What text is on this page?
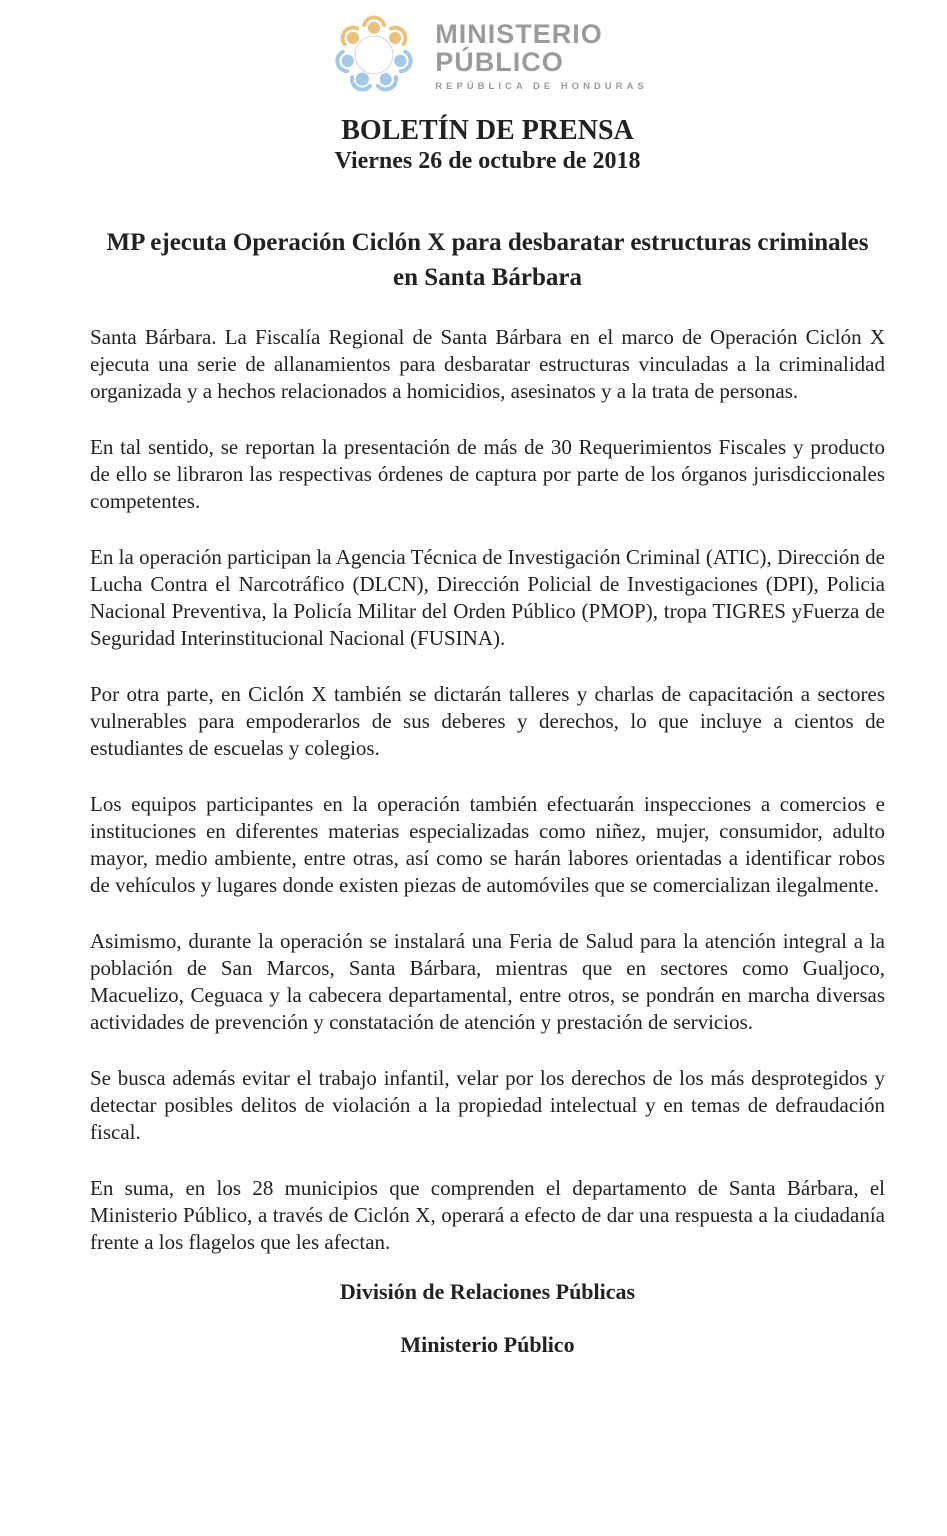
MINISTERIO
PÚBLICO
REPÚBLICA DE HONDURAS
BOLETÍN DE PRENSA
Viernes 26 de octubre de 2018
MP ejecuta Operación Ciclón X para desbaratar estructuras criminales en Santa Bárbara

Santa Bárbara. La Fiscalía Regional de Santa Bárbara en el marco de Operación Ciclón X ejecuta una serie de allanamientos para desbaratar estructuras vinculadas a la criminalidad organizada y a hechos relacionados a homicidios, asesinatos y a la trata de personas.

En tal sentido, se reportan la presentación de más de 30 Requerimientos Fiscales y producto de ello se libraron las respectivas órdenes de captura por parte de los órganos jurisdiccionales competentes.

En la operación participan la Agencia Técnica de Investigación Criminal (ATIC), Dirección de Lucha Contra el Narcotráfico (DLCN), Dirección Policial de Investigaciones (DPI), Policia Nacional Preventiva, la Policía Militar del Orden Público (PMOP), tropa TIGRES yFuerza de Seguridad Interinstitucional Nacional (FUSINA).

Por otra parte, en Ciclón X también se dictarán talleres y charlas de capacitación a sectores vulnerables para empoderarlos de sus deberes y derechos, lo que incluye a cientos de estudiantes de escuelas y colegios.

Los equipos participantes en la operación también efectuarán inspecciones a comercios e instituciones en diferentes materias especializadas como niñez, mujer, consumidor, adulto mayor, medio ambiente, entre otras, así como se harán labores orientadas a identificar robos de vehículos y lugares donde existen piezas de automóviles que se comercializan ilegalmente.

Asimismo, durante la operación se instalará una Feria de Salud para la atención integral a la población de San Marcos, Santa Bárbara, mientras que en sectores como Gualjoco, Macuelizo, Ceguaca y la cabecera departamental, entre otros, se pondrán en marcha diversas actividades de prevención y constatación de atención y prestación de servicios.

Se busca además evitar el trabajo infantil, velar por los derechos de los más desprotegidos y detectar posibles delitos de violación a la propiedad intelectual y en temas de defraudación fiscal.

En suma, en los 28 municipios que comprenden el departamento de Santa Bárbara, el Ministerio Público, a través de Ciclón X, operará a efecto de dar una respuesta a la ciudadanía frente a los flagelos que les afectan.

División de Relaciones Públicas
Ministerio Público
